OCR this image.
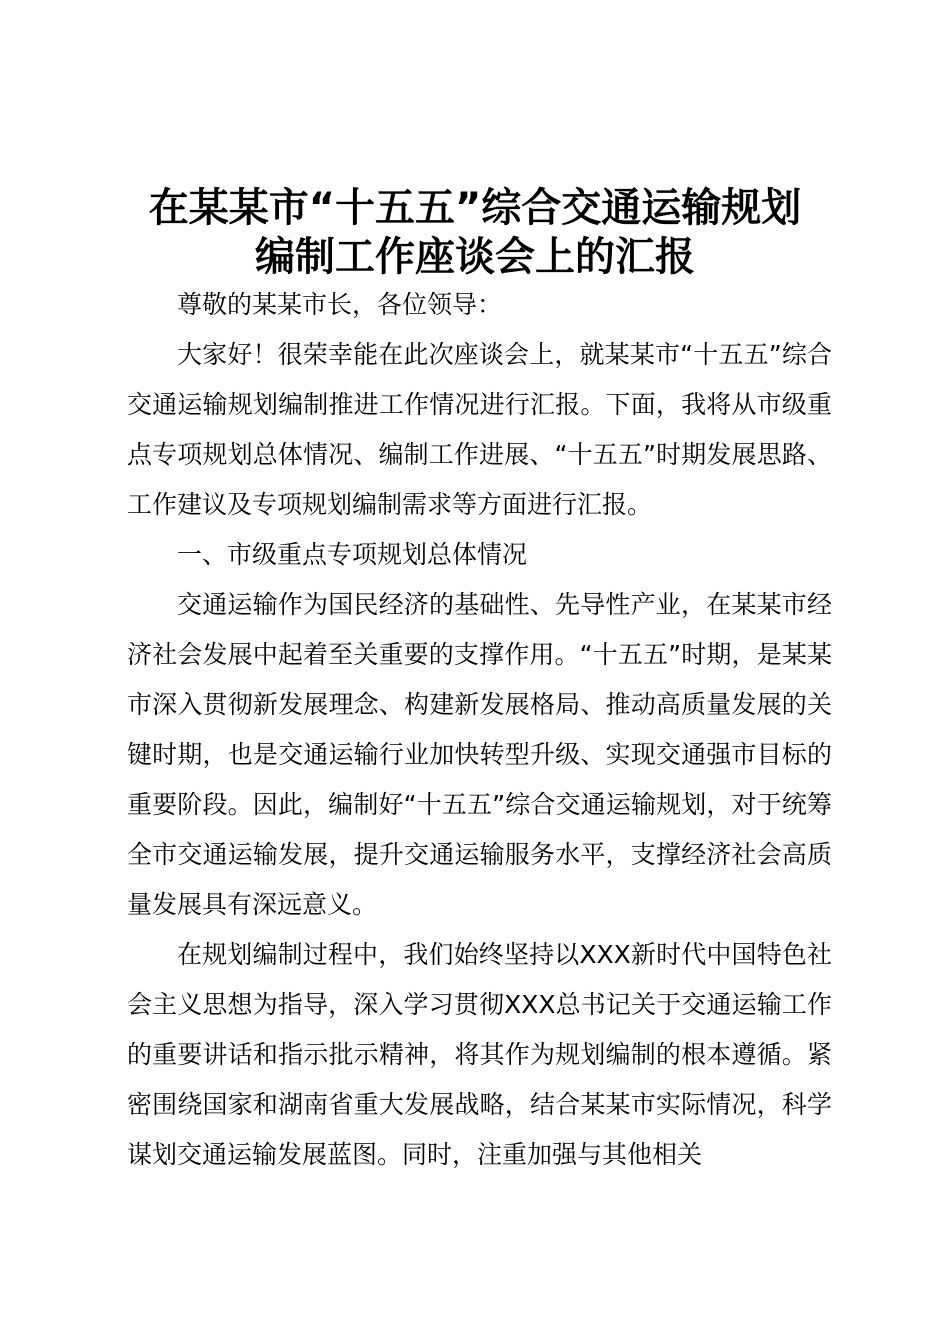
在某某市“十五五”综合交通运输规划
编制工作座谈会上的汇报

尊敬的某某市长，各位领导：

大家好！很荣幸能在此次座谈会上，就某某市“十五五”综合交通运输规划编制推进工作情况进行汇报。下面，我将从市级重点专项规划总体情况、编制工作进展、“十五五”时期发展思路、工作建议及专项规划编制需求等方面进行汇报。

一、市级重点专项规划总体情况

交通运输作为国民经济的基础性、先导性产业，在某某市经济社会发展中起着至关重要的支撑作用。“十五五”时期，是某某市深入贯彻新发展理念、构建新发展格局、推动高质量发展的关键时期，也是交通运输行业加快转型升级、实现交通强市目标的重要阶段。因此，编制好“十五五”综合交通运输规划，对于统筹全市交通运输发展，提升交通运输服务水平，支撑经济社会高质量发展具有深远意义。

在规划编制过程中，我们始终坚持以XXX新时代中国特色社会主义思想为指导，深入学习贯彻XXX总书记关于交通运输工作的重要讲话和指示批示精神，将其作为规划编制的根本遵循。紧密围绕国家和湖南省重大发展战略，结合某某市实际情况，科学谋划交通运输发展蓝图。同时，注重加强与其他相关
